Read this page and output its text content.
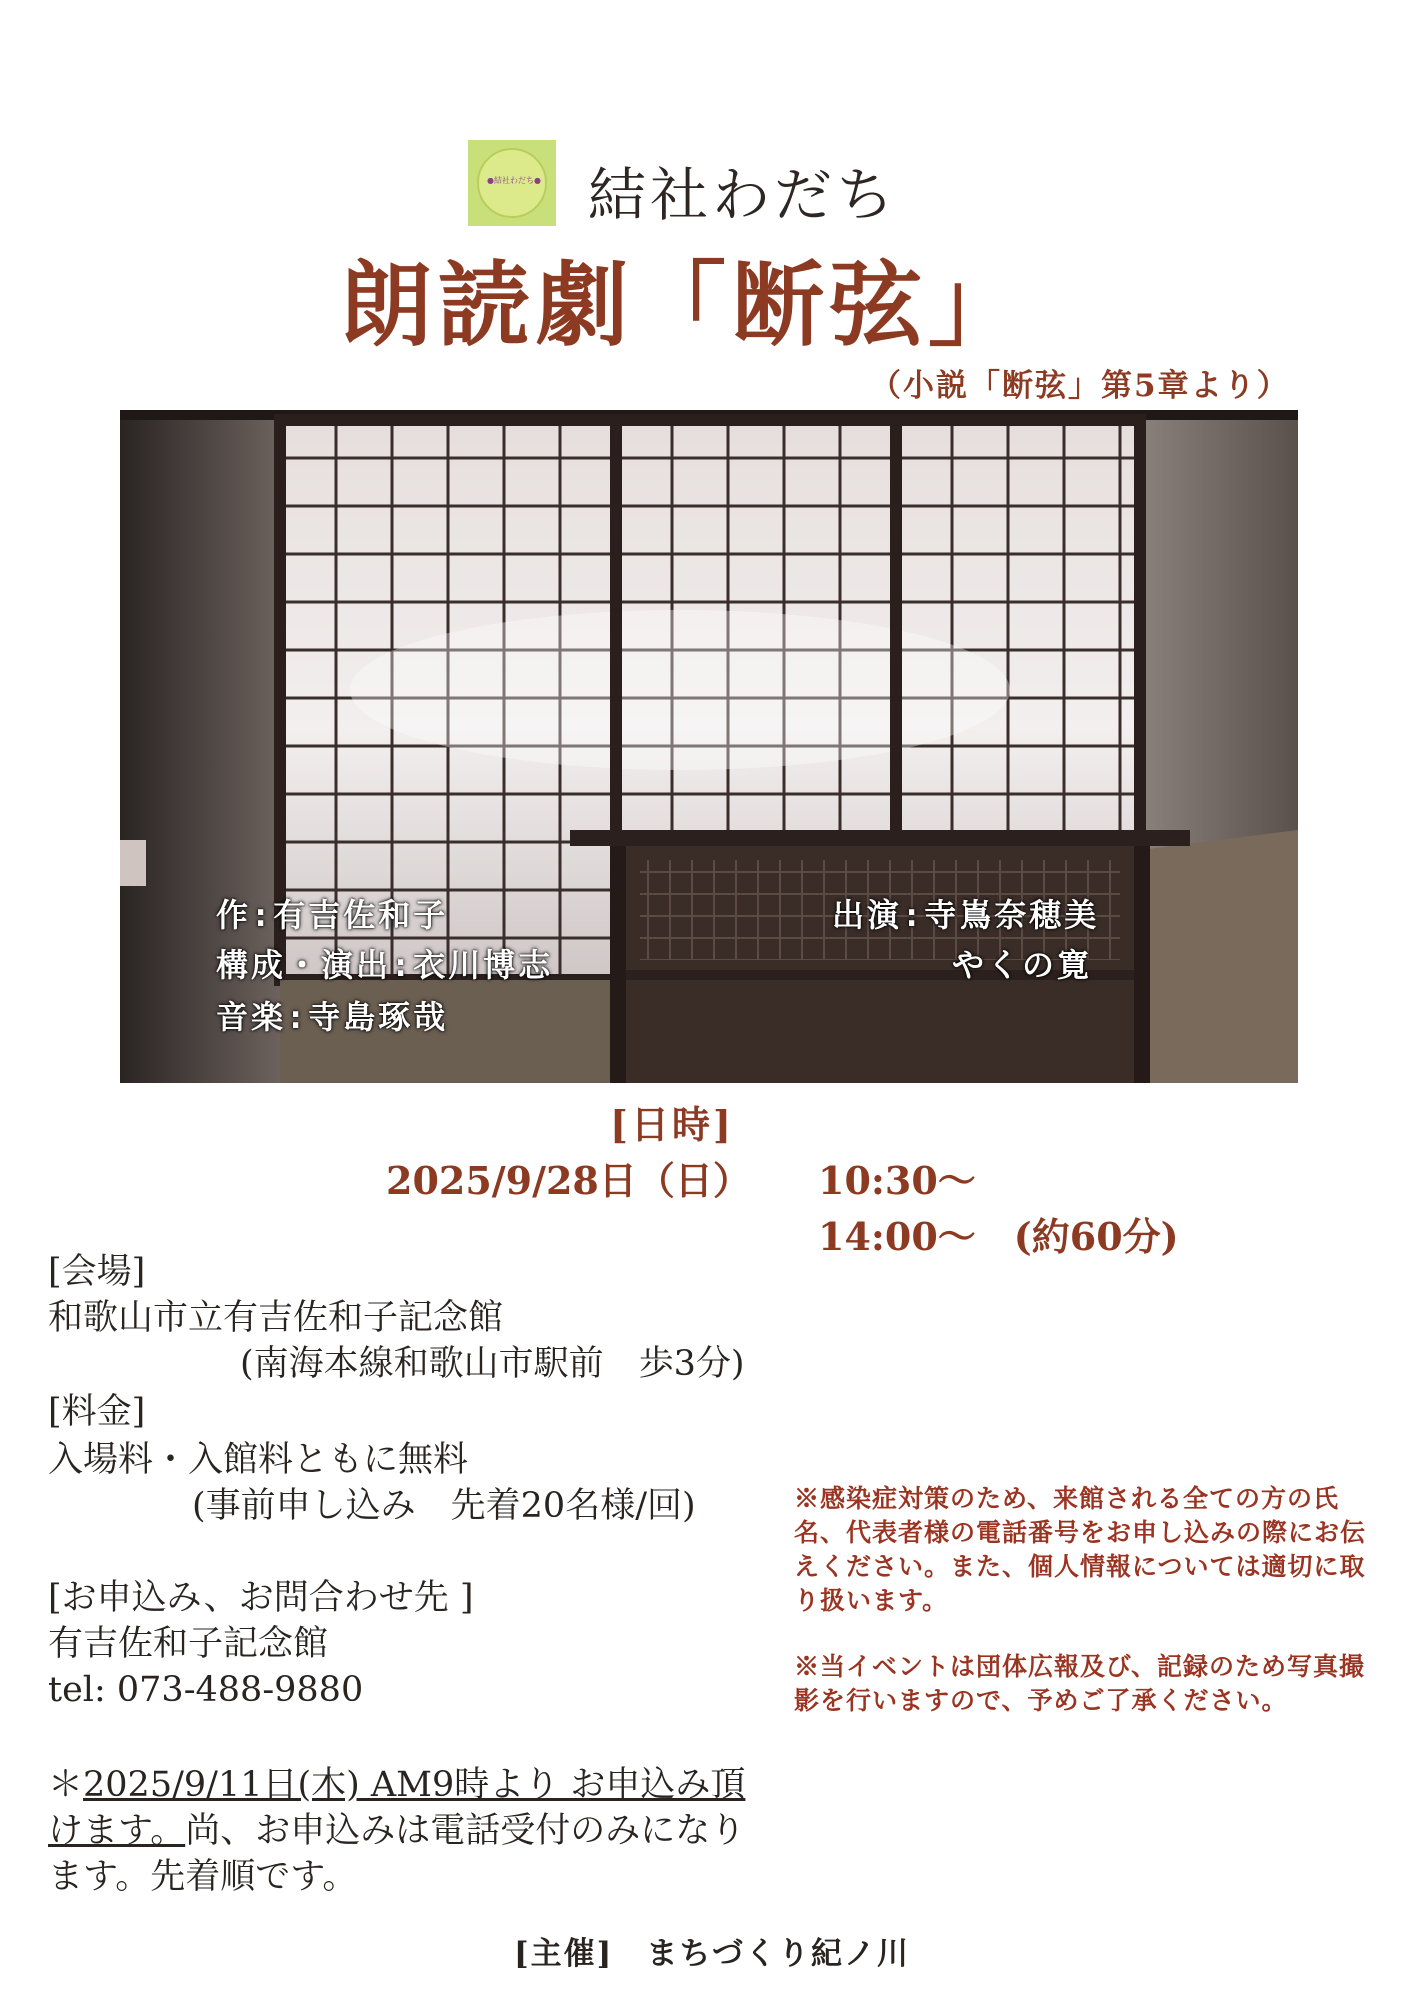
●結社わだち● 結社わだち
朗読劇「断弦」
（小説「断弦」第5章より）
作:有吉佐和子
構成・演出:衣川博志
音楽:寺島琢哉
出演:寺嶌奈穂美
やくの寛
[日時]
2025/9/28日（日） 10:30〜
14:00〜　(約60分)
[会場]
和歌山市立有吉佐和子記念館
(南海本線和歌山市駅前　歩3分)
[料金]
入場料・入館料ともに無料
(事前申し込み　先着20名様/回)
[お申込み、お問合わせ先 ]
有吉佐和子記念館
tel: 073-488-9880
＊2025/9/11日(木) AM9時より お申込み頂けます。尚、お申込みは電話受付のみになります。先着順です。
※感染症対策のため、来館される全ての方の氏名、代表者様の電話番号をお申し込みの際にお伝えください。また、個人情報については適切に取り扱います。
※当イベントは団体広報及び、記録のため写真撮影を行いますので、予めご了承ください。
[主催]　まちづくり紀ノ川
